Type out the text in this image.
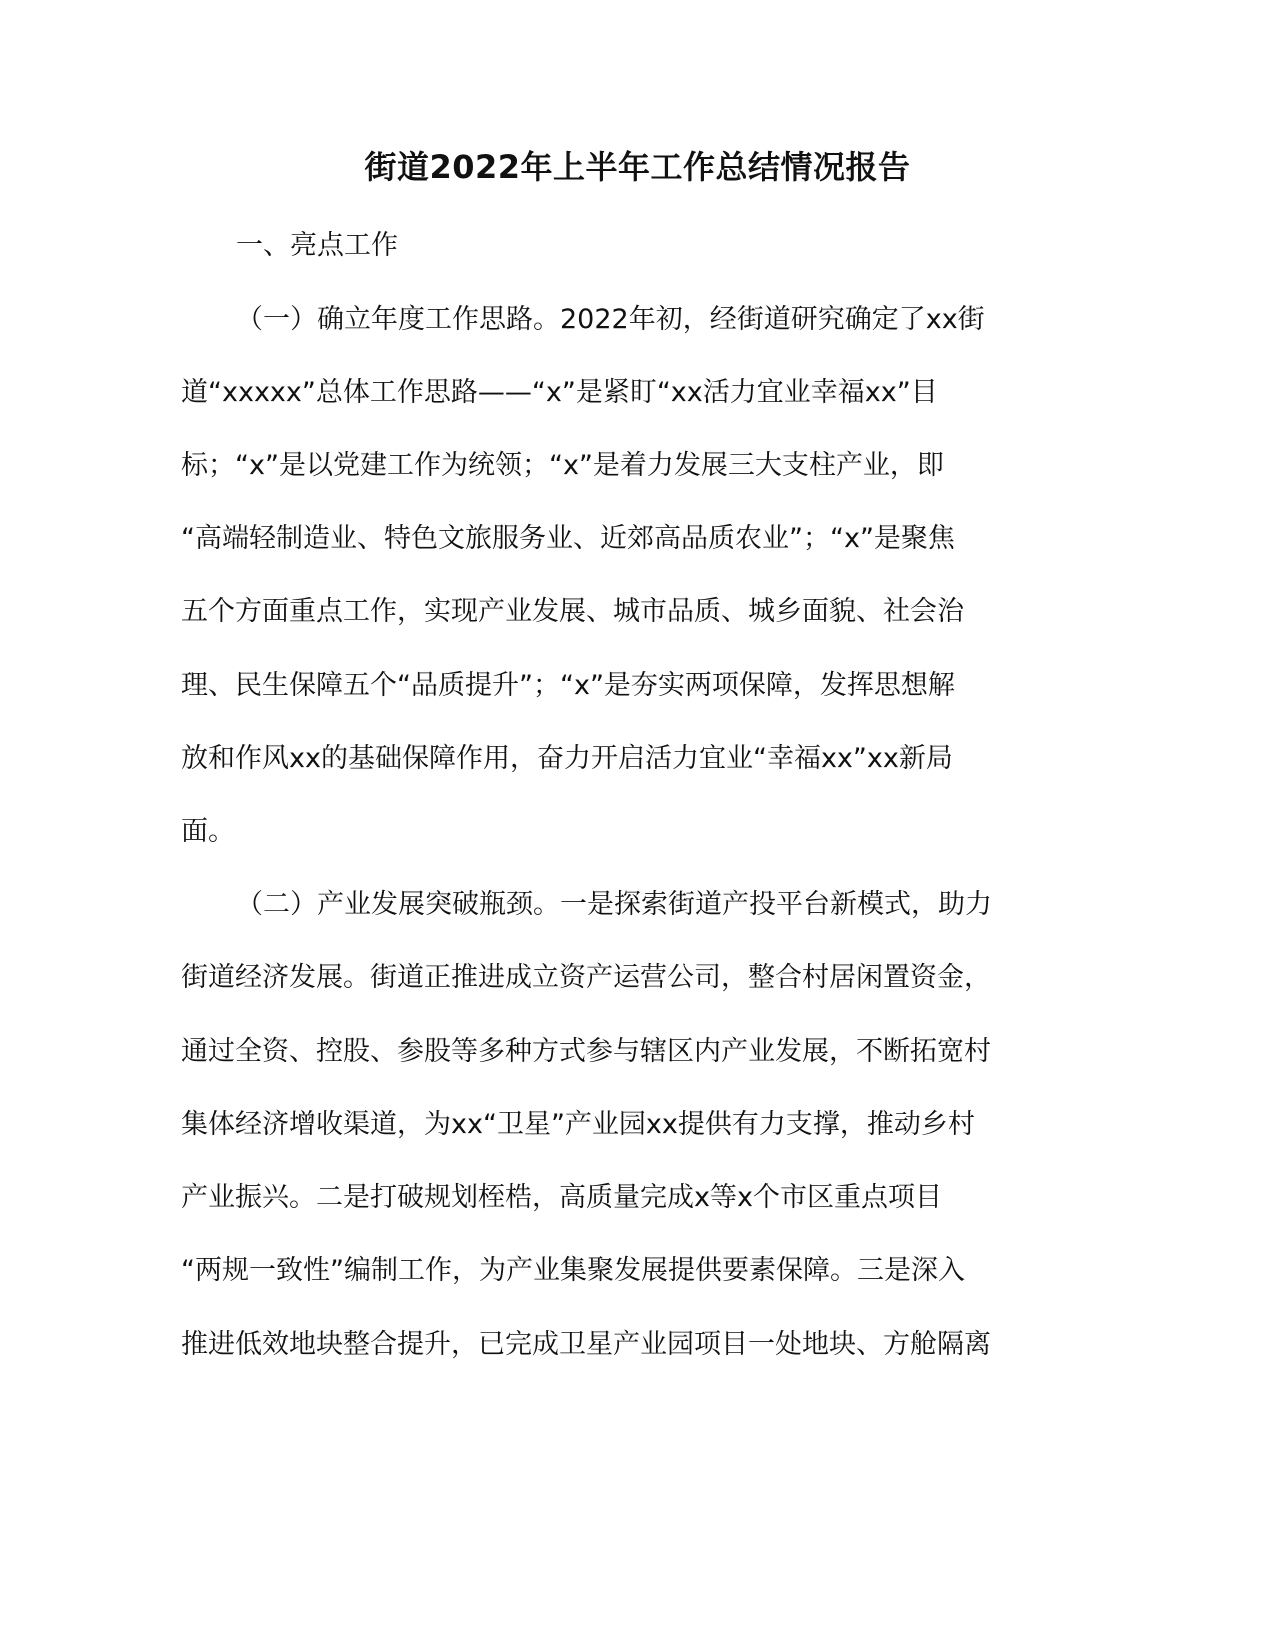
街道2022年上半年工作总结情况报告
一、亮点工作
（一）确立年度工作思路。2022年初，经街道研究确定了xx街
道“xxxxx”总体工作思路——“x”是紧盯“xx活力宜业幸福xx”目
标；“x”是以党建工作为统领；“x”是着力发展三大支柱产业，即
“高端轻制造业、特色文旅服务业、近郊高品质农业”；“x”是聚焦
五个方面重点工作，实现产业发展、城市品质、城乡面貌、社会治
理、民生保障五个“品质提升”；“x”是夯实两项保障，发挥思想解
放和作风xx的基础保障作用，奋力开启活力宜业“幸福xx”xx新局
面。
（二）产业发展突破瓶颈。一是探索街道产投平台新模式，助力
街道经济发展。街道正推进成立资产运营公司，整合村居闲置资金，
通过全资、控股、参股等多种方式参与辖区内产业发展，不断拓宽村
集体经济增收渠道，为xx“卫星”产业园xx提供有力支撑，推动乡村
产业振兴。二是打破规划桎梏，高质量完成x等x个市区重点项目
“两规一致性”编制工作，为产业集聚发展提供要素保障。三是深入
推进低效地块整合提升，已完成卫星产业园项目一处地块、方舱隔离
